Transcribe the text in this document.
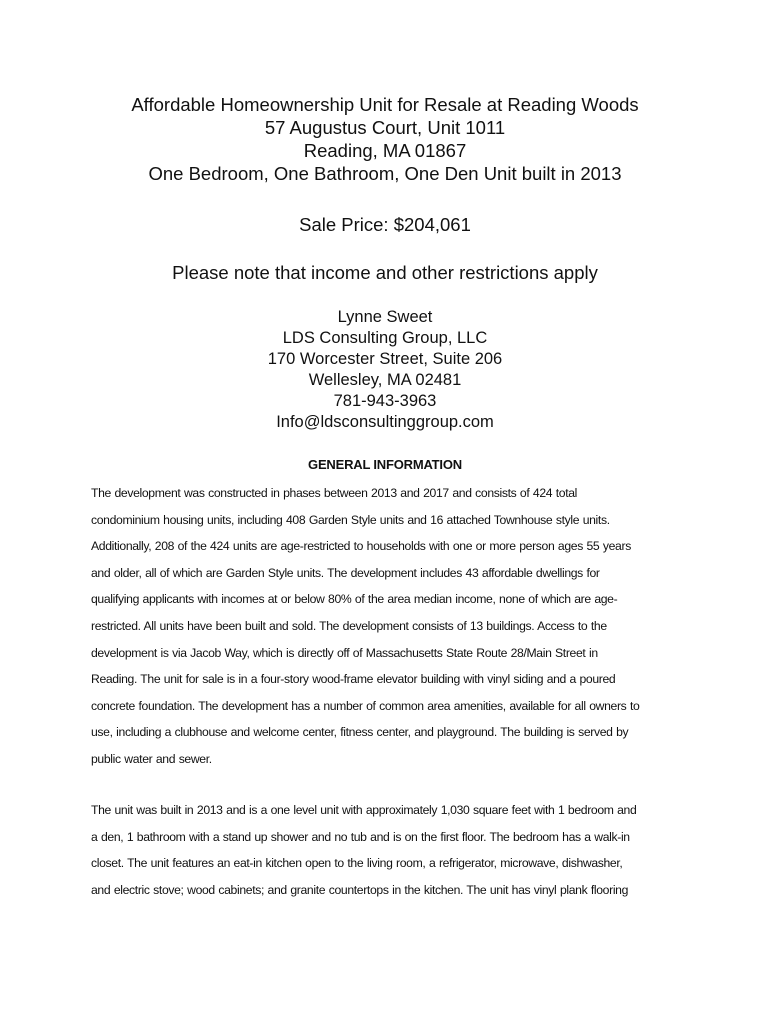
Affordable Homeownership Unit for Resale at Reading Woods
57 Augustus Court, Unit 1011
Reading, MA 01867
One Bedroom, One Bathroom, One Den Unit built in 2013
Sale Price: $204,061
Please note that income and other restrictions apply
Lynne Sweet
LDS Consulting Group, LLC
170 Worcester Street, Suite 206
Wellesley, MA 02481
781-943-3963
Info@ldsconsultinggroup.com
GENERAL INFORMATION
The development was constructed in phases between 2013 and 2017 and consists of 424 total
condominium housing units, including 408 Garden Style units and 16 attached Townhouse style units.
Additionally, 208 of the 424 units are age-restricted to households with one or more person ages 55 years
and older, all of which are Garden Style units. The development includes 43 affordable dwellings for
qualifying applicants with incomes at or below 80% of the area median income, none of which are age-
restricted. All units have been built and sold. The development consists of 13 buildings. Access to the
development is via Jacob Way, which is directly off of Massachusetts State Route 28/Main Street in
Reading. The unit for sale is in a four-story wood-frame elevator building with vinyl siding and a poured
concrete foundation. The development has a number of common area amenities, available for all owners to
use, including a clubhouse and welcome center, fitness center, and playground. The building is served by
public water and sewer.
The unit was built in 2013 and is a one level unit with approximately 1,030 square feet with 1 bedroom and
a den, 1 bathroom with a stand up shower and no tub and is on the first floor. The bedroom has a walk-in
closet. The unit features an eat-in kitchen open to the living room, a refrigerator, microwave, dishwasher,
and electric stove; wood cabinets; and granite countertops in the kitchen. The unit has vinyl plank flooring
